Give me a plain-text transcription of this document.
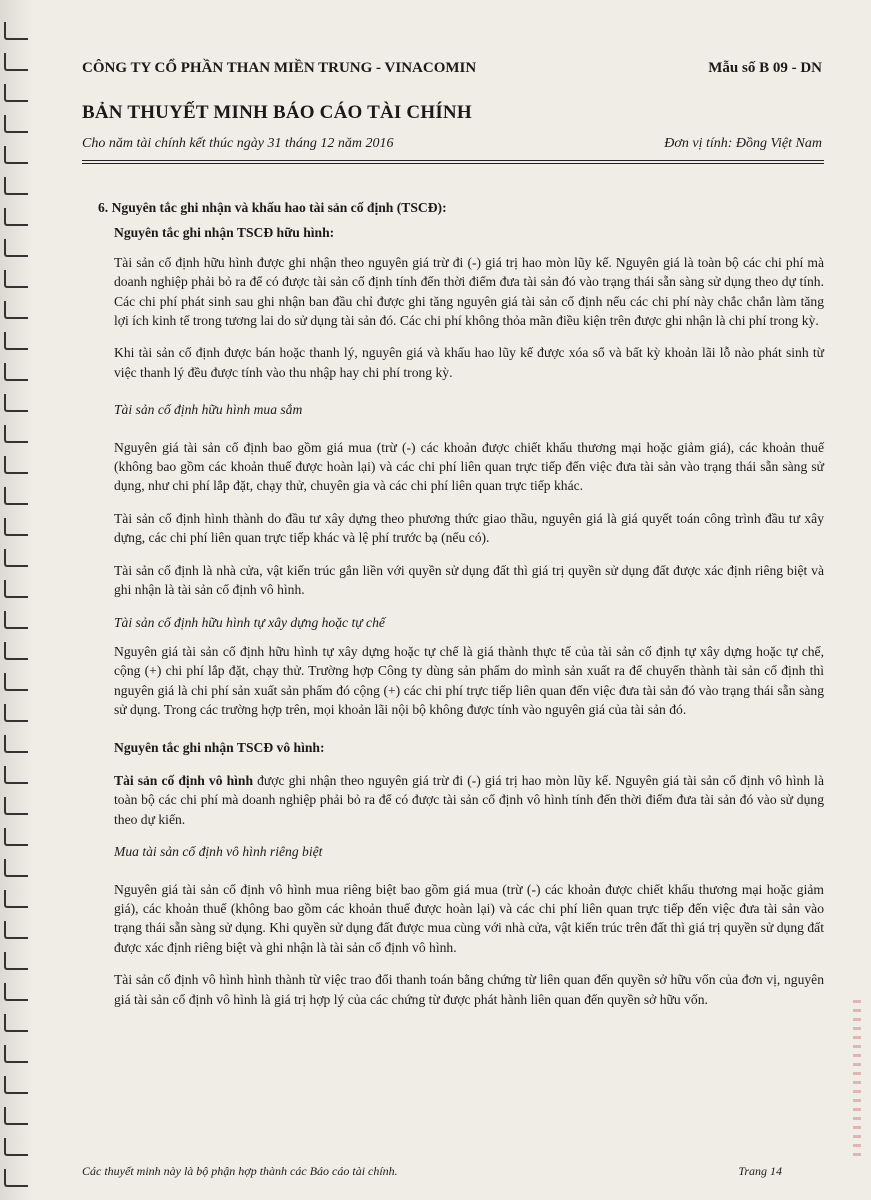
CÔNG TY CỔ PHẦN THAN MIỀN TRUNG - VINACOMIN	Mẫu số B 09 - DN
BẢN THUYẾT MINH BÁO CÁO TÀI CHÍNH
Cho năm tài chính kết thúc ngày 31 tháng 12 năm 2016	Đơn vị tính: Đồng Việt Nam
6. Nguyên tắc ghi nhận và khấu hao tài sản cố định (TSCĐ):
Nguyên tắc ghi nhận TSCĐ hữu hình:

Tài sản cố định hữu hình được ghi nhận theo nguyên giá trừ đi (-) giá trị hao mòn lũy kế. Nguyên giá là toàn bộ các chi phí mà doanh nghiệp phải bỏ ra để có được tài sản cố định tính đến thời điểm đưa tài sản đó vào trạng thái sẵn sàng sử dụng theo dự tính. Các chi phí phát sinh sau ghi nhận ban đầu chỉ được ghi tăng nguyên giá tài sản cố định nếu các chi phí này chắc chắn làm tăng lợi ích kinh tế trong tương lai do sử dụng tài sản đó. Các chi phí không thỏa mãn điều kiện trên được ghi nhận là chi phí trong kỳ.

Khi tài sản cố định được bán hoặc thanh lý, nguyên giá và khấu hao lũy kế được xóa sổ và bất kỳ khoản lãi lỗ nào phát sinh từ việc thanh lý đều được tính vào thu nhập hay chi phí trong kỳ.

Tài sản cố định hữu hình mua sắm

Nguyên giá tài sản cố định bao gồm giá mua (trừ (-) các khoản được chiết khấu thương mại hoặc giảm giá), các khoản thuế (không bao gồm các khoản thuế được hoàn lại) và các chi phí liên quan trực tiếp đến việc đưa tài sản vào trạng thái sẵn sàng sử dụng, như chi phí lắp đặt, chạy thử, chuyên gia và các chi phí liên quan trực tiếp khác.

Tài sản cố định hình thành do đầu tư xây dựng theo phương thức giao thầu, nguyên giá là giá quyết toán công trình đầu tư xây dựng, các chi phí liên quan trực tiếp khác và lệ phí trước bạ (nếu có).

Tài sản cố định là nhà cửa, vật kiến trúc gắn liền với quyền sử dụng đất thì giá trị quyền sử dụng đất được xác định riêng biệt và ghi nhận là tài sản cố định vô hình.

Tài sản cố định hữu hình tự xây dựng hoặc tự chế

Nguyên giá tài sản cố định hữu hình tự xây dựng hoặc tự chế là giá thành thực tế của tài sản cố định tự xây dựng hoặc tự chế, cộng (+) chi phí lắp đặt, chạy thử. Trường hợp Công ty dùng sản phẩm do mình sản xuất ra để chuyển thành tài sản cố định thì nguyên giá là chi phí sản xuất sản phẩm đó cộng (+) các chi phí trực tiếp liên quan đến việc đưa tài sản đó vào trạng thái sẵn sàng sử dụng. Trong các trường hợp trên, mọi khoản lãi nội bộ không được tính vào nguyên giá của tài sản đó.

Nguyên tắc ghi nhận TSCĐ vô hình:

Tài sản cố định vô hình được ghi nhận theo nguyên giá trừ đi (-) giá trị hao mòn lũy kế. Nguyên giá tài sản cố định vô hình là toàn bộ các chi phí mà doanh nghiệp phải bỏ ra để có được tài sản cố định vô hình tính đến thời điểm đưa tài sản đó vào sử dụng theo dự kiến.

Mua tài sản cố định vô hình riêng biệt

Nguyên giá tài sản cố định vô hình mua riêng biệt bao gồm giá mua (trừ (-) các khoản được chiết khấu thương mại hoặc giảm giá), các khoản thuế (không bao gồm các khoản thuế được hoàn lại) và các chi phí liên quan trực tiếp đến việc đưa tài sản vào trạng thái sẵn sàng sử dụng. Khi quyền sử dụng đất được mua cùng với nhà cửa, vật kiến trúc trên đất thì giá trị quyền sử dụng đất được xác định riêng biệt và ghi nhận là tài sản cố định vô hình.

Tài sản cố định vô hình hình thành từ việc trao đổi thanh toán bằng chứng từ liên quan đến quyền sở hữu vốn của đơn vị, nguyên giá tài sản cố định vô hình là giá trị hợp lý của các chứng từ được phát hành liên quan đến quyền sở hữu vốn.

Các thuyết minh này là bộ phận hợp thành các Báo cáo tài chính.	Trang 14
